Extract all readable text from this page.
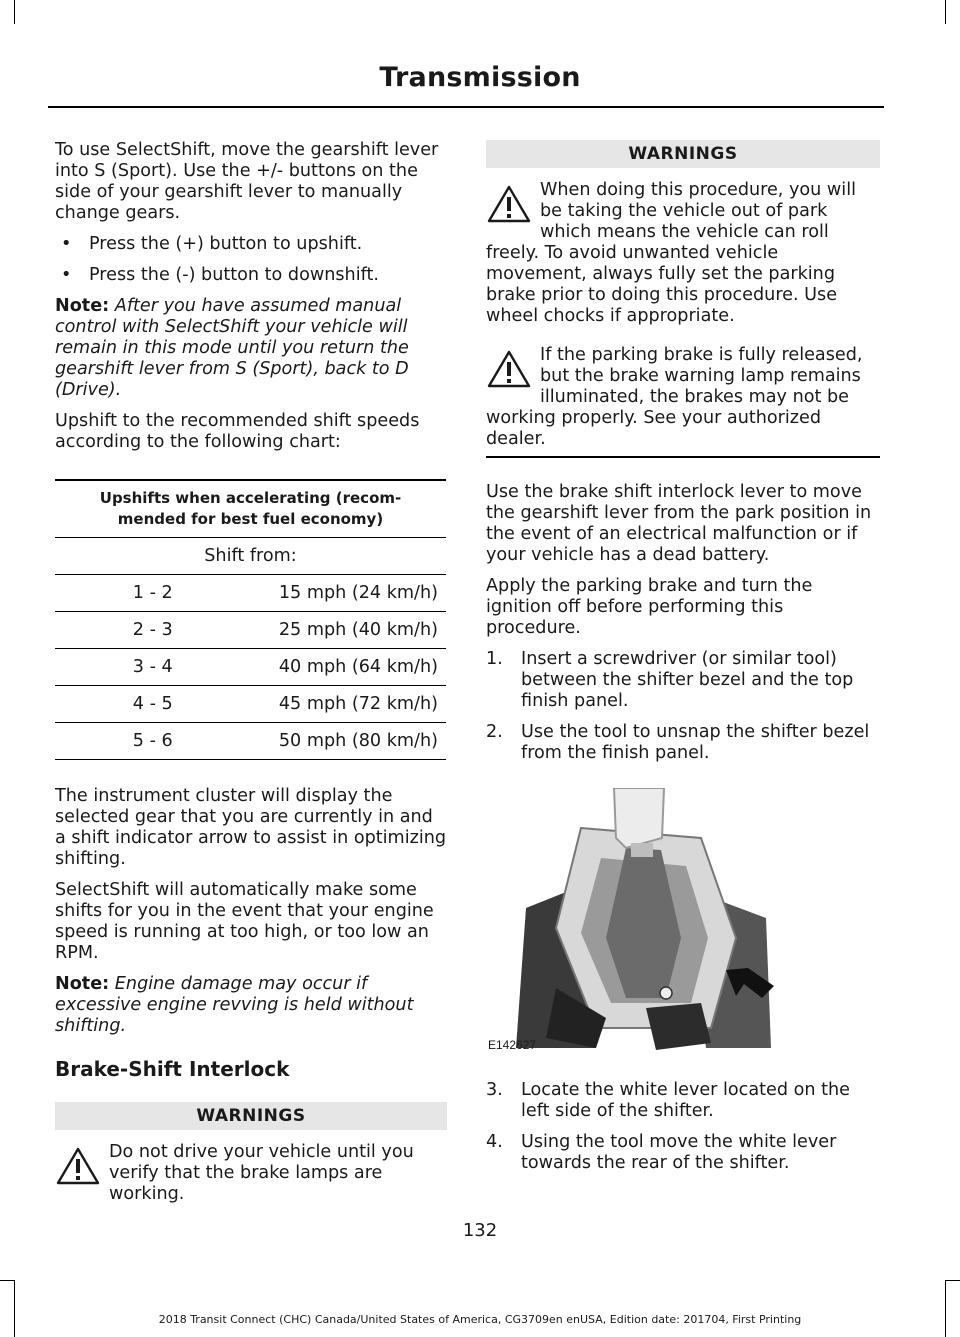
Transmission

To use SelectShift, move the gearshift lever into S (Sport). Use the +/- buttons on the side of your gearshift lever to manually change gears.

• Press the (+) button to upshift.
• Press the (-) button to downshift.

Note: After you have assumed manual control with SelectShift your vehicle will remain in this mode until you return the gearshift lever from S (Sport), back to D (Drive).

Upshift to the recommended shift speeds according to the following chart:

Upshifts when accelerating (recom-mended for best fuel economy)	
Shift from:	
1 - 2	15 mph (24 km/h)
2 - 3	25 mph (40 km/h)
3 - 4	40 mph (64 km/h)
4 - 5	45 mph (72 km/h)
5 - 6	50 mph (80 km/h)

The instrument cluster will display the selected gear that you are currently in and a shift indicator arrow to assist in optimizing shifting.

SelectShift will automatically make some shifts for you in the event that your engine speed is running at too high, or too low an RPM.

Note: Engine damage may occur if excessive engine revving is held without shifting.

Brake-Shift Interlock
WARNINGS
Do not drive your vehicle until you verify that the brake lamps are working.
WARNINGS
When doing this procedure, you will be taking the vehicle out of park which means the vehicle can roll freely. To avoid unwanted vehicle movement, always fully set the parking brake prior to doing this procedure. Use wheel chocks if appropriate.
If the parking brake is fully released, but the brake warning lamp remains illuminated, the brakes may not be working properly. See your authorized dealer.

Use the brake shift interlock lever to move the gearshift lever from the park position in the event of an electrical malfunction or if your vehicle has a dead battery.

Apply the parking brake and turn the ignition off before performing this procedure.

1. Insert a screwdriver (or similar tool) between the shifter bezel and the top finish panel.
2. Use the tool to unsnap the shifter bezel from the finish panel.
E142627
3. Locate the white lever located on the left side of the shifter.
4. Using the tool move the white lever towards the rear of the shifter.
132
2018 Transit Connect (CHC) Canada/United States of America, CG3709en enUSA, Edition date: 201704, First Printing
